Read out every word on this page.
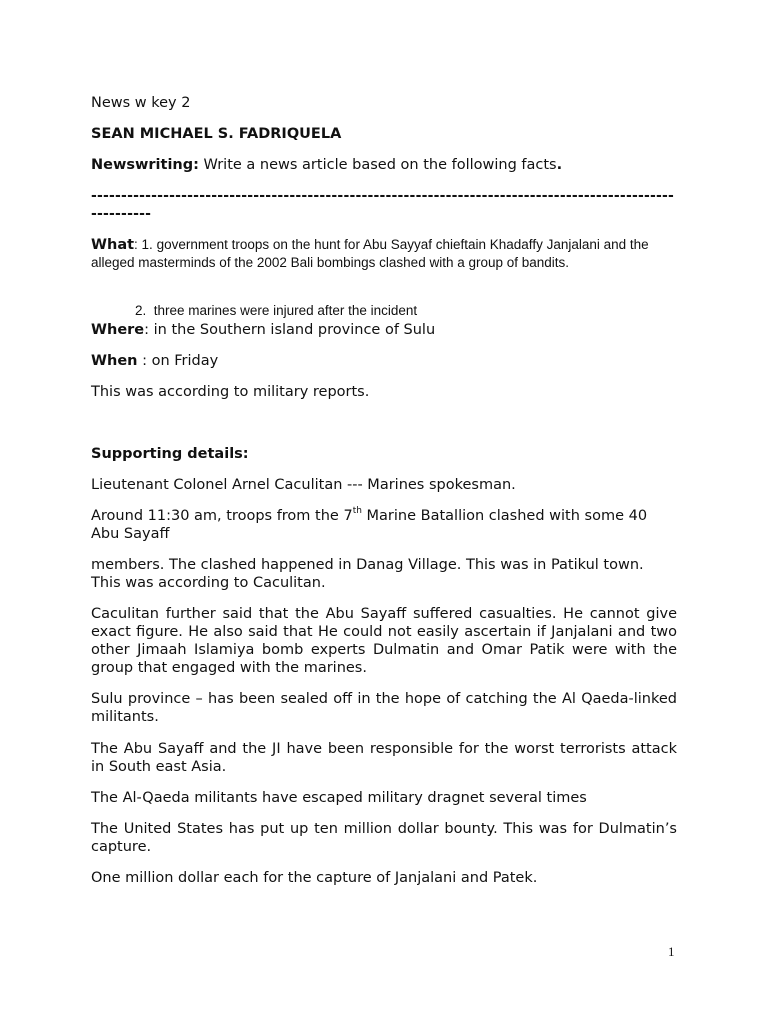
News w key 2

SEAN MICHAEL S. FADRIQUELA

Newswriting: Write a news article based on the following facts.

-----------------------------------------------------------------------------------------------------------

What: 1. government troops on the hunt for Abu Sayyaf chieftain Khadaffy Janjalani and the alleged masterminds of the 2002 Bali bombings clashed with a group of bandits.

2. three marines were injured after the incident

Where: in the Southern island province of Sulu

When : on Friday

This was according to military reports.

Supporting details:

Lieutenant Colonel Arnel Caculitan --- Marines spokesman.

Around 11:30 am, troops from the 7th Marine Batallion clashed with some 40 Abu Sayaff

members. The clashed happened in Danag Village. This was in Patikul town. This was according to Caculitan.

Caculitan further said that the Abu Sayaff suffered casualties. He cannot give exact figure. He also said that He could not easily ascertain if Janjalani and two other Jimaah Islamiya bomb experts Dulmatin and Omar Patik were with the group that engaged with the marines.

Sulu province – has been sealed off in the hope of catching the Al Qaeda-linked militants.

The Abu Sayaff and the JI have been responsible for the worst terrorists attack in South east Asia.

The Al-Qaeda militants have escaped military dragnet several times

The United States has put up ten million dollar bounty. This was for Dulmatin’s capture.

One million dollar each for the capture of Janjalani and Patek.

1
